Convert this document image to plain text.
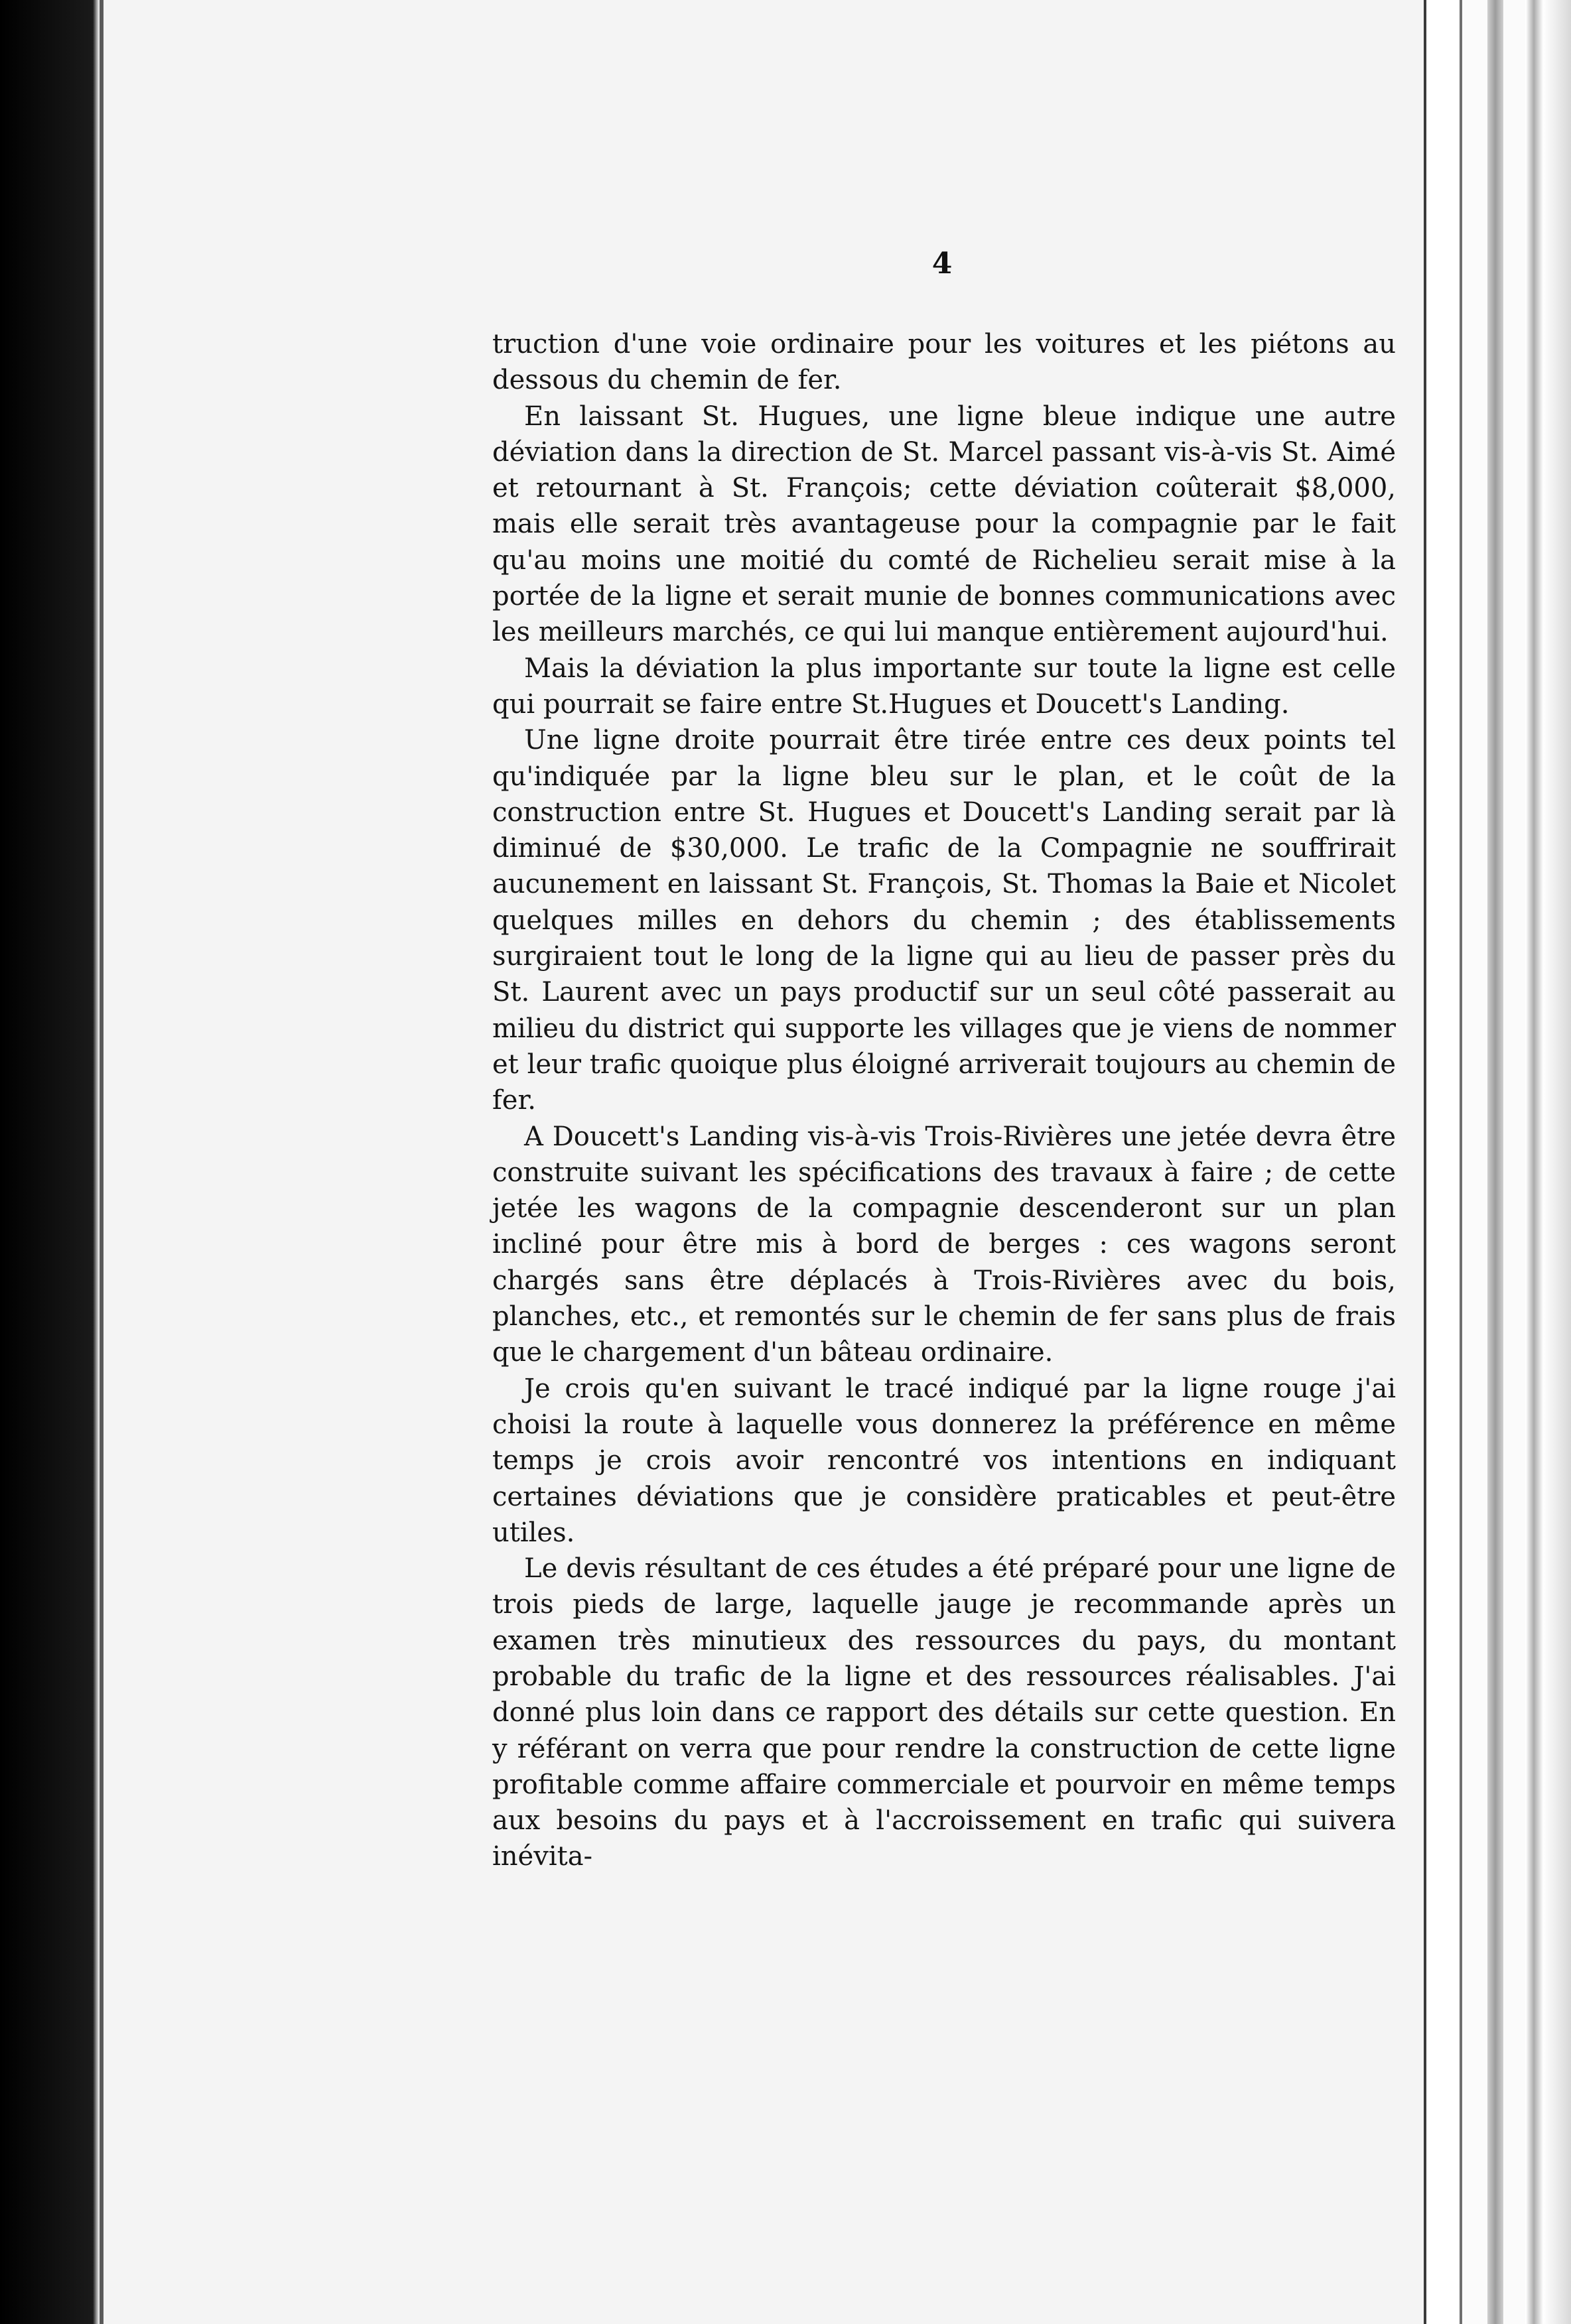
4

truction d'une voie ordinaire pour les voitures et les piétons au dessous du chemin de fer.

En laissant St. Hugues, une ligne bleue indique une autre déviation dans la direction de St. Marcel passant vis-à-vis St. Aimé et retournant à St. François; cette déviation coûterait $8,000, mais elle serait très avantageuse pour la compagnie par le fait qu'au moins une moitié du comté de Richelieu serait mise à la portée de la ligne et serait munie de bonnes communications avec les meilleurs marchés, ce qui lui manque entièrement aujourd'hui.

Mais la déviation la plus importante sur toute la ligne est celle qui pourrait se faire entre St.Hugues et Doucett's Landing.

Une ligne droite pourrait être tirée entre ces deux points tel qu'indiquée par la ligne bleu sur le plan, et le coût de la construction entre St. Hugues et Doucett's Landing serait par là diminué de $30,000. Le trafic de la Compagnie ne souffrirait aucunement en laissant St. François, St. Thomas la Baie et Nicolet quelques milles en dehors du chemin ; des établissements surgiraient tout le long de la ligne qui au lieu de passer près du St. Laurent avec un pays productif sur un seul côté passerait au milieu du district qui supporte les villages que je viens de nommer et leur trafic quoique plus éloigné arriverait toujours au chemin de fer.

A Doucett's Landing vis-à-vis Trois-Rivières une jetée devra être construite suivant les spécifications des travaux à faire ; de cette jetée les wagons de la compagnie descenderont sur un plan incliné pour être mis à bord de berges : ces wagons seront chargés sans être déplacés à Trois-Rivières avec du bois, planches, etc., et remontés sur le chemin de fer sans plus de frais que le chargement d'un bâteau ordinaire.

Je crois qu'en suivant le tracé indiqué par la ligne rouge j'ai choisi la route à laquelle vous donnerez la préférence en même temps je crois avoir rencontré vos intentions en indiquant certaines déviations que je considère praticables et peut-être utiles.

Le devis résultant de ces études a été préparé pour une ligne de trois pieds de large, laquelle jauge je recommande après un examen très minutieux des ressources du pays, du montant probable du trafic de la ligne et des ressources réalisables. J'ai donné plus loin dans ce rapport des détails sur cette question. En y référant on verra que pour rendre la construction de cette ligne profitable comme affaire commerciale et pourvoir en même temps aux besoins du pays et à l'accroissement en trafic qui suivera inévita-
